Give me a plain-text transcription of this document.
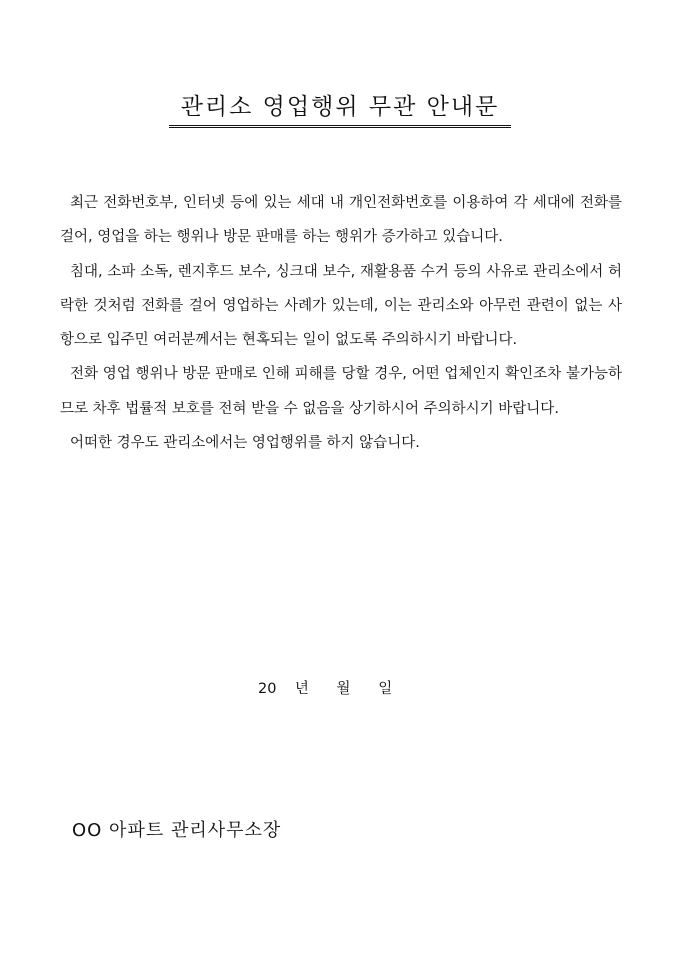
관리소 영업행위 무관 안내문

최근 전화번호부, 인터넷 등에 있는 세대 내 개인전화번호를 이용하여 각 세대에 전화를 걸어, 영업을 하는 행위나 방문 판매를 하는 행위가 증가하고 있습니다.

침대, 소파 소독, 렌지후드 보수, 싱크대 보수, 재활용품 수거 등의 사유로 관리소에서 허락한 것처럼 전화를 걸어 영업하는 사례가 있는데, 이는 관리소와 아무런 관련이 없는 사항으로 입주민 여러분께서는 현혹되는 일이 없도록 주의하시기 바랍니다.

전화 영업 행위나 방문 판매로 인해 피해를 당할 경우, 어떤 업체인지 확인조차 불가능하므로 차후 법률적 보호를 전혀 받을 수 없음을 상기하시어 주의하시기 바랍니다.

어떠한 경우도 관리소에서는 영업행위를 하지 않습니다.

20    년      월      일
OO 아파트 관리사무소장
